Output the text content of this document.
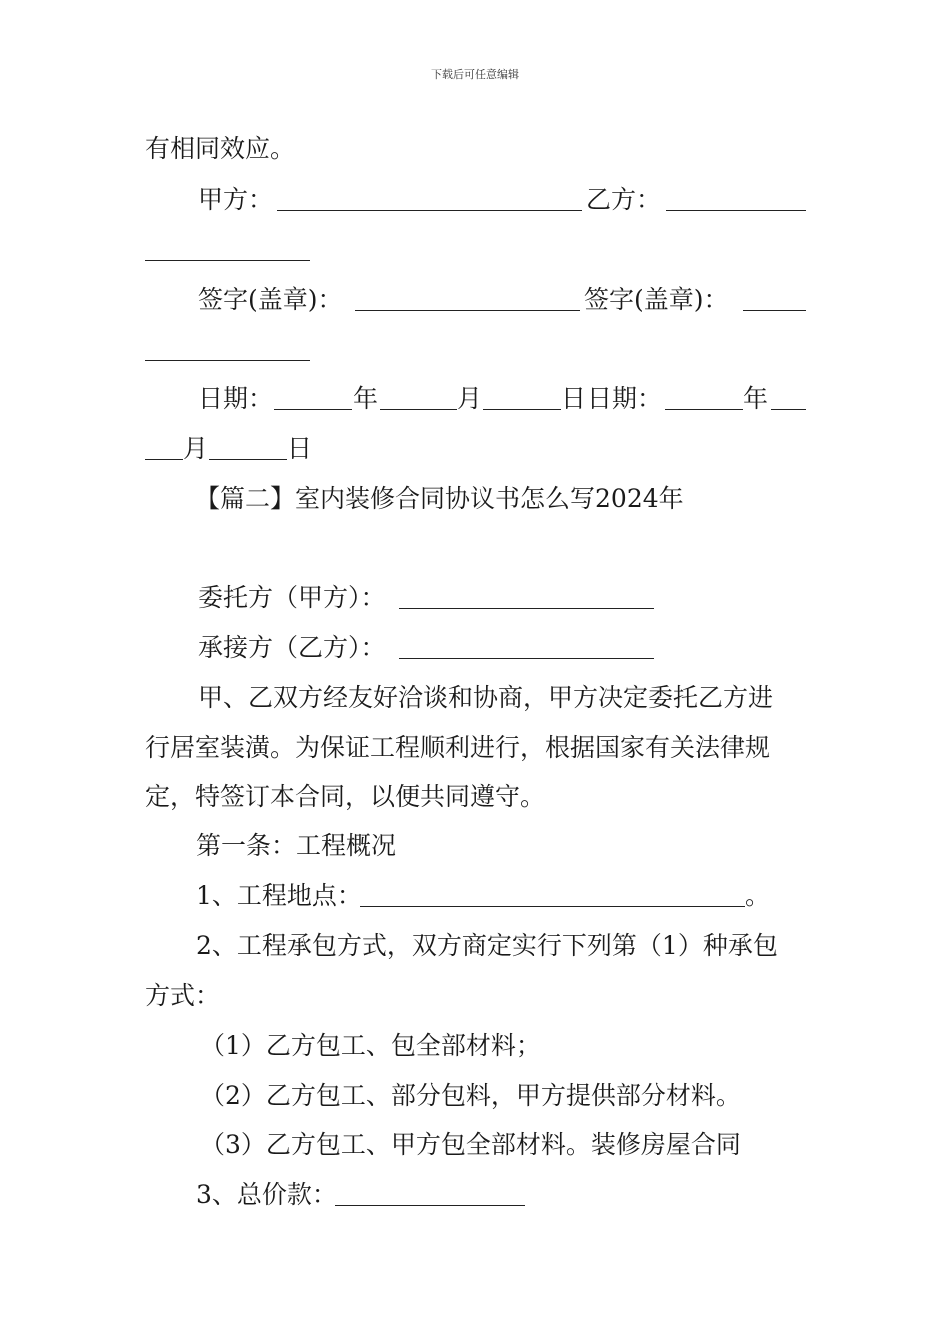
下载后可任意编辑
有相同效应。
甲方：	乙方：
签字(盖章)：	签字(盖章)：
日期：	年	月	日 日期：	年
月	日
【篇二】室内装修合同协议书怎么写2024年
委托方（甲方）：
承接方（乙方）：
甲、乙双方经友好洽谈和协商，甲方决定委托乙方进
行居室装潢。为保证工程顺利进行，根据国家有关法律规
定，特签订本合同，以便共同遵守。
第一条：工程概况
1、工程地点：	。
2、工程承包方式，双方商定实行下列第（1）种承包
方式：
（1）乙方包工、包全部材料；
（2）乙方包工、部分包料，甲方提供部分材料。
（3）乙方包工、甲方包全部材料。装修房屋合同
3、总价款：
